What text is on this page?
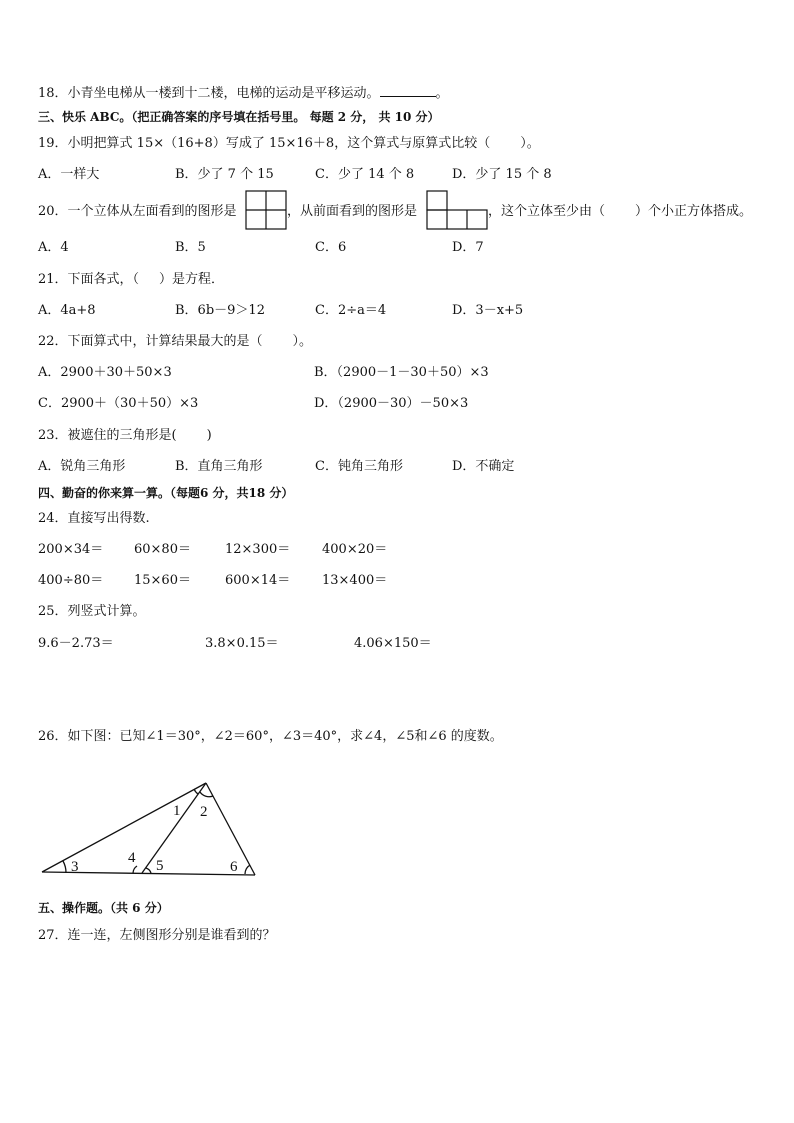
18．小青坐电梯从一楼到十二楼，电梯的运动是平移运动。	。
三、快乐 ABC。（把正确答案的序号填在括号里。 每题 2 分， 共 10 分）
19．小明把算式 15×（16+8）写成了 15×16＋8，这个算式与原算式比较（ ）。
A．一样大	B．少了 7 个 15	C．少了 14 个 8	D．少了 15 个 8
20．一个立体从左面看到的图形是	，从前面看到的图形是	，这个立体至少由（ ）个小正方体搭成。
A．4	B．5	C．6	D．7
21．下面各式，（ ）是方程．
A．4a+8	B．6b－9＞12	C．2÷a＝4	D．3－x+5
22．下面算式中，计算结果最大的是（ ）。
A．2900＋30＋50×3	B．（2900－1－30＋50）×3
C．2900＋（30＋50）×3	D．（2900－30）－50×3
23．被遮住的三角形是( )
A．锐角三角形	B．直角三角形	C．钝角三角形	D．不确定
四、勤奋的你来算一算。（每题6 分，共18 分）
24．直接写出得数.
200×34＝ 60×80＝	12×300＝ 400×20＝
400÷80＝ 15×60＝	600×14＝ 13×400＝
25．列竖式计算。
9.6－2.73＝	3.8×0.15＝	4.06×150＝
26．如下图：已知∠1＝30°，∠2＝60°，∠3＝40°，求∠4，∠5和∠6 的度数。
1 2
3
4 5	6
五、操作题。（共 6 分）
27．连一连，左侧图形分别是谁看到的？
